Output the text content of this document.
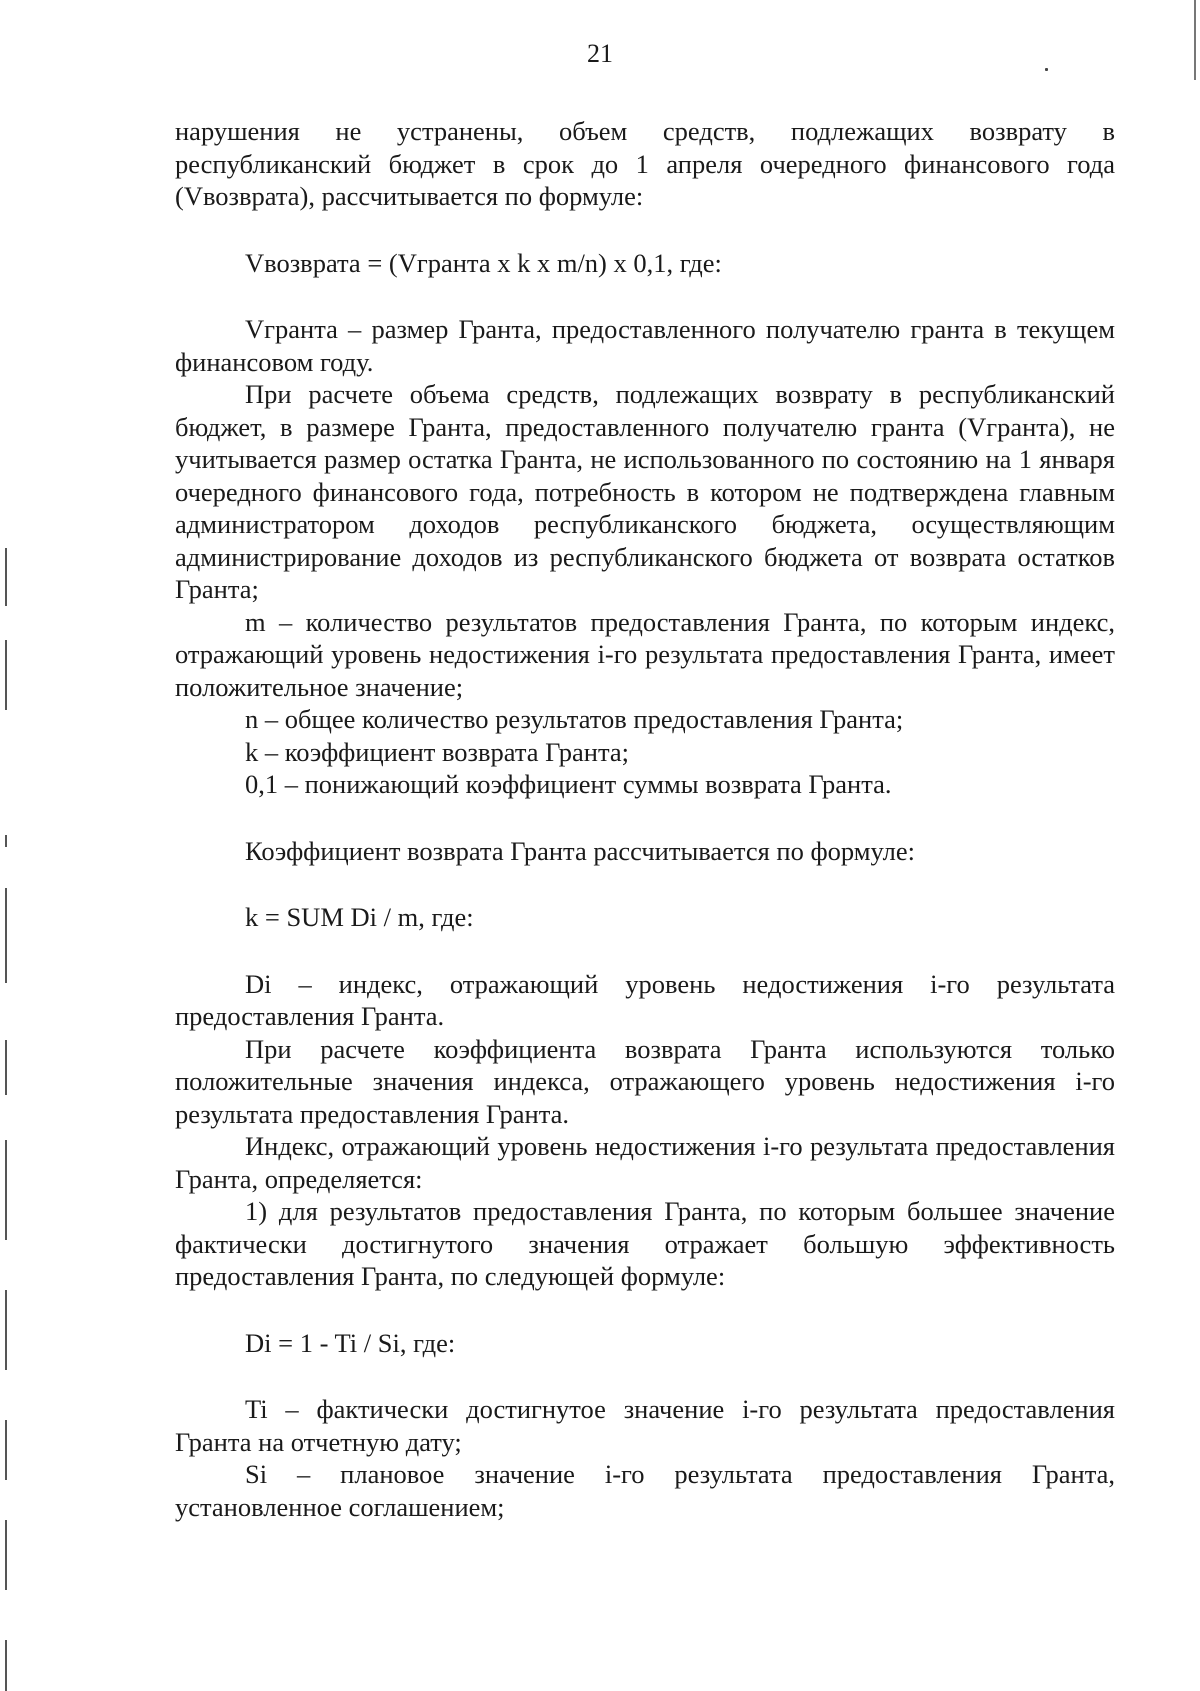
21

нарушения не устранены, объем средств, подлежащих возврату в республиканский бюджет в срок до 1 апреля очередного финансового года (Vвозврата), рассчитывается по формуле:

Vвозврата = (Vгранта х k х m/n) х 0,1, где:

Vгранта – размер Гранта, предоставленного получателю гранта в текущем финансовом году.

При расчете объема средств, подлежащих возврату в республиканский бюджет, в размере Гранта, предоставленного получателю гранта (Vгранта), не учитывается размер остатка Гранта, не использованного по состоянию на 1 января очередного финансового года, потребность в котором не подтверждена главным администратором доходов республиканского бюджета, осуществляющим администрирование доходов из республиканского бюджета от возврата остатков Гранта;

m – количество результатов предоставления Гранта, по которым индекс, отражающий уровень недостижения i-го результата предоставления Гранта, имеет положительное значение;

n – общее количество результатов предоставления Гранта;

k – коэффициент возврата Гранта;

0,1 – понижающий коэффициент суммы возврата Гранта.

Коэффициент возврата Гранта рассчитывается по формуле:

k = SUM Di / m, где:

Di – индекс, отражающий уровень недостижения i-го результата предоставления Гранта.

При расчете коэффициента возврата Гранта используются только положительные значения индекса, отражающего уровень недостижения i-го результата предоставления Гранта.

Индекс, отражающий уровень недостижения i-го результата предоставления Гранта, определяется:

1) для результатов предоставления Гранта, по которым большее значение фактически достигнутого значения отражает большую эффективность предоставления Гранта, по следующей формуле:

Di = 1 - Ti / Si, где:

Ti – фактически достигнутое значение i-го результата предоставления Гранта на отчетную дату;

Si – плановое значение i-го результата предоставления Гранта, установленное соглашением;
